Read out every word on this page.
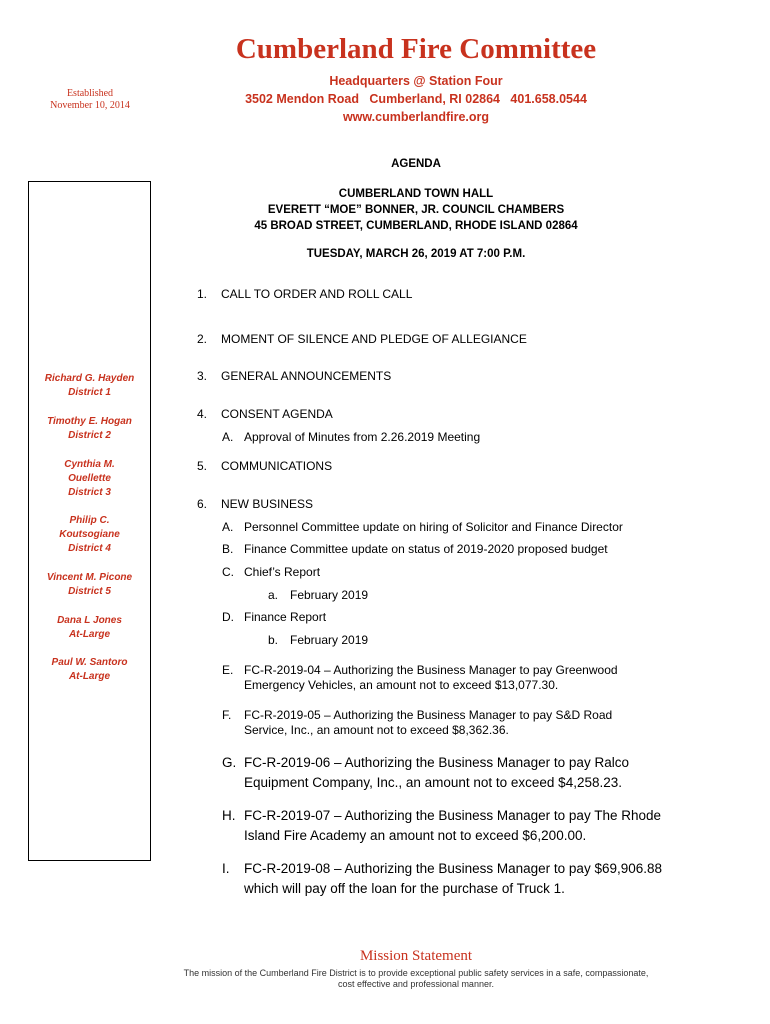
Cumberland Fire Committee
Headquarters @ Station Four
3502 Mendon Road   Cumberland, RI 02864   401.658.0544
www.cumberlandfire.org
Established
November 10, 2014
Richard G. Hayden
District 1
Timothy E. Hogan
District 2
Cynthia M.
Ouellette
District 3
Philip C.
Koutsogiane
District 4
Vincent M. Picone
District 5
Dana L Jones
At-Large
Paul W. Santoro
At-Large
AGENDA
CUMBERLAND TOWN HALL
EVERETT “MOE” BONNER, JR. COUNCIL CHAMBERS
45 BROAD STREET, CUMBERLAND, RHODE ISLAND 02864
TUESDAY, MARCH 26, 2019 AT 7:00 P.M.
1. CALL TO ORDER AND ROLL CALL
2. MOMENT OF SILENCE AND PLEDGE OF ALLEGIANCE
3. GENERAL ANNOUNCEMENTS
4. CONSENT AGENDA
A. Approval of Minutes from 2.26.2019 Meeting
5. COMMUNICATIONS
6. NEW BUSINESS
A. Personnel Committee update on hiring of Solicitor and Finance Director
B. Finance Committee update on status of 2019-2020 proposed budget
C. Chief’s Report
a. February 2019
D. Finance Report
b. February 2019
E. FC-R-2019-04 – Authorizing the Business Manager to pay Greenwood
Emergency Vehicles, an amount not to exceed $13,077.30.
F. FC-R-2019-05 – Authorizing the Business Manager to pay S&D Road
Service, Inc., an amount not to exceed $8,362.36.
G. FC-R-2019-06 – Authorizing the Business Manager to pay Ralco
Equipment Company, Inc., an amount not to exceed $4,258.23.
H. FC-R-2019-07 – Authorizing the Business Manager to pay The Rhode
Island Fire Academy an amount not to exceed $6,200.00.
I. FC-R-2019-08 – Authorizing the Business Manager to pay $69,906.88
which will pay off the loan for the purchase of Truck 1.
Mission Statement
The mission of the Cumberland Fire District is to provide exceptional public safety services in a safe, compassionate,
cost effective and professional manner.
